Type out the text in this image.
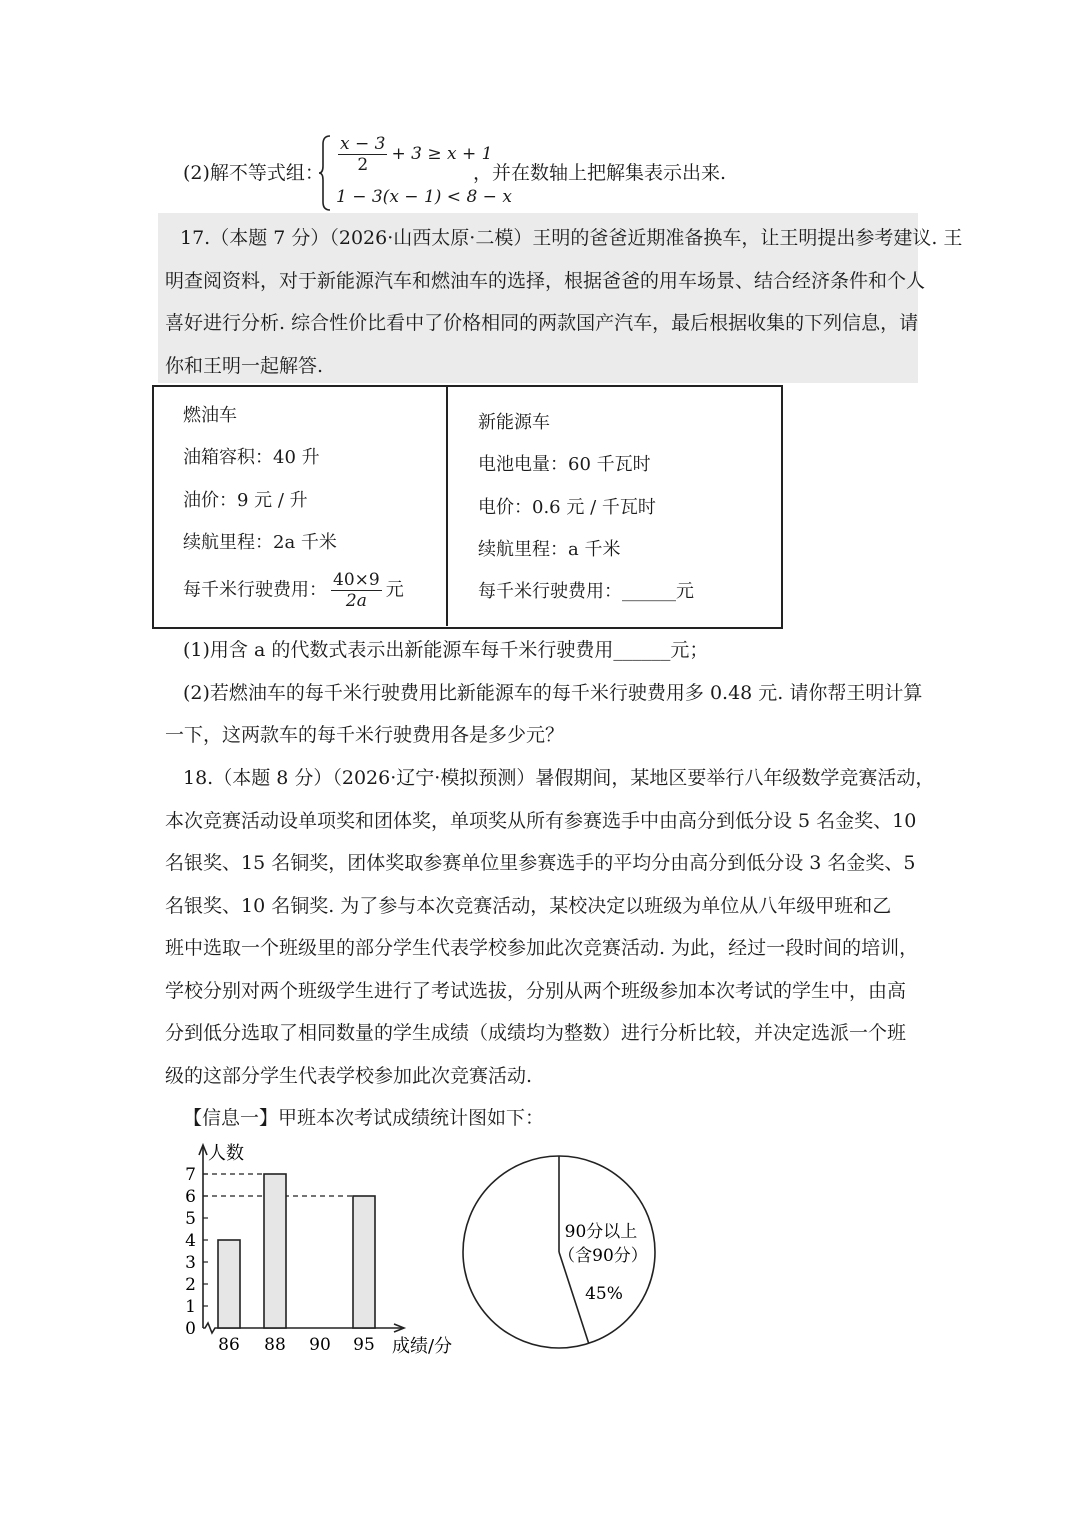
(2)解不等式组： $\frac{x - 3}{2} + 3 \ge x + 1$
1 − 3(x − 1) < 8 − x
，并在数轴上把解集表示出来.
17.（本题 7 分）（2026·山西太原·二模）王明的爸爸近期准备换车，让王明提出参考建议. 王
明查阅资料，对于新能源汽车和燃油车的选择，根据爸爸的用车场景、结合经济条件和个人
喜好进行分析. 综合性价比看中了价格相同的两款国产汽车，最后根据收集的下列信息，请
你和王明一起解答.
燃油车
油箱容积：40 升
油价：9 元 / 升
续航里程：2a 千米
每千米行驶费用： $\frac{40\times 9}{2a}$ 元
新能源车
电池电量：60 千瓦时
电价：0.6 元 / 千瓦时
续航里程：a 千米
每千米行驶费用：______元
(1)用含 a 的代数式表示出新能源车每千米行驶费用______元；
(2)若燃油车的每千米行驶费用比新能源车的每千米行驶费用多 0.48 元. 请你帮王明计算
一下，这两款车的每千米行驶费用各是多少元？
18.（本题 8 分）（2026·辽宁·模拟预测）暑假期间，某地区要举行八年级数学竞赛活动，
本次竞赛活动设单项奖和团体奖，单项奖从所有参赛选手中由高分到低分设 5 名金奖、10
名银奖、15 名铜奖，团体奖取参赛单位里参赛选手的平均分由高分到低分设 3 名金奖、5
名银奖、10 名铜奖. 为了参与本次竞赛活动，某校决定以班级为单位从八年级甲班和乙
班中选取一个班级里的部分学生代表学校参加此次竞赛活动. 为此，经过一段时间的培训，
学校分别对两个班级学生进行了考试选拔，分别从两个班级参加本次考试的学生中，由高
分到低分选取了相同数量的学生成绩（成绩均为整数）进行分析比较，并决定选派一个班
级的这部分学生代表学校参加此次竞赛活动.
【信息一】甲班本次考试成绩统计图如下：
0
1
2
3
4
5
6
7
人数
86 88 90 95 成绩/分
90分以上
（含90分）
45%
